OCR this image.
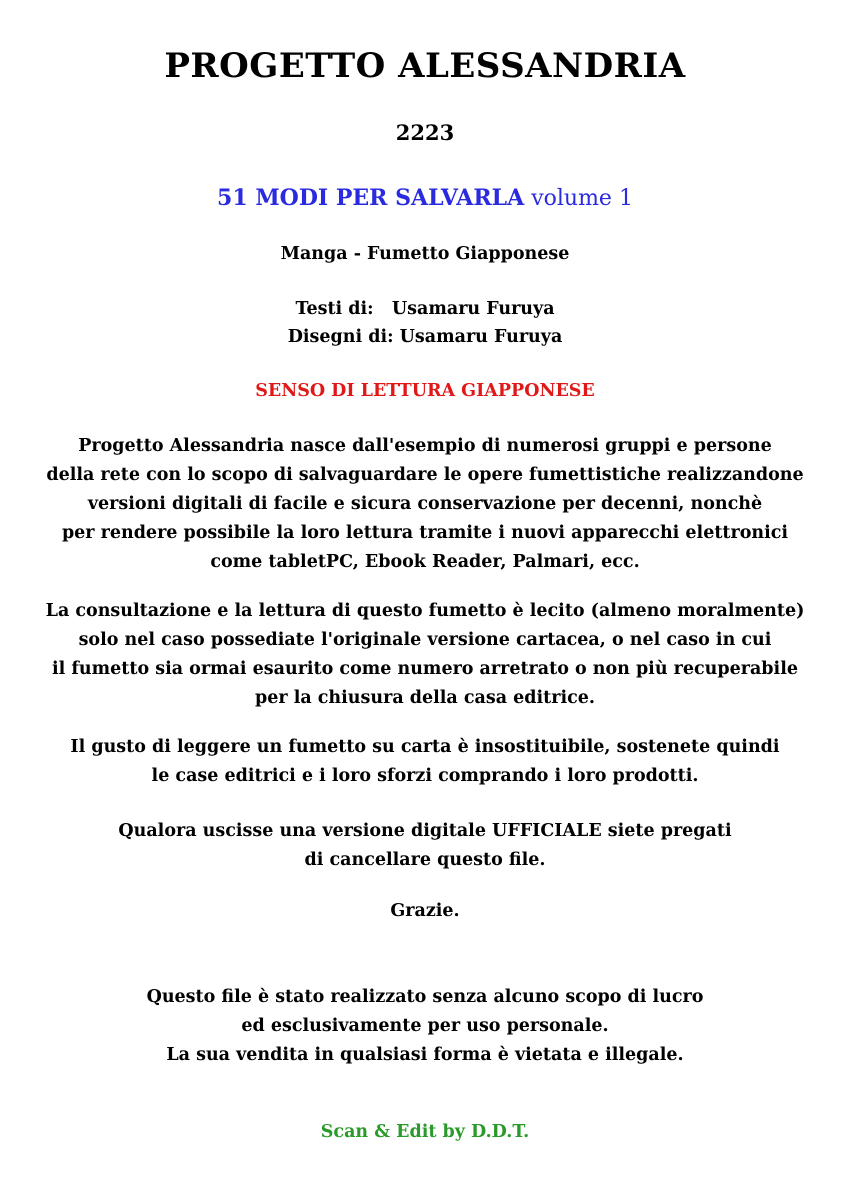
PROGETTO ALESSANDRIA
2223
51 MODI PER SALVARLA volume 1
Manga - Fumetto Giapponese
Testi di:   Usamaru Furuya
Disegni di: Usamaru Furuya
SENSO DI LETTURA GIAPPONESE
Progetto Alessandria nasce dall'esempio di numerosi gruppi e persone
della rete con lo scopo di salvaguardare le opere fumettistiche realizzandone
versioni digitali di facile e sicura conservazione per decenni, nonchè
per rendere possibile la loro lettura tramite i nuovi apparecchi elettronici
come tabletPC, Ebook Reader, Palmari, ecc.
La consultazione e la lettura di questo fumetto è lecito (almeno moralmente)
solo nel caso possediate l'originale versione cartacea, o nel caso in cui
il fumetto sia ormai esaurito come numero arretrato o non più recuperabile
per la chiusura della casa editrice.
Il gusto di leggere un fumetto su carta è insostituibile, sostenete quindi
le case editrici e i loro sforzi comprando i loro prodotti.
Qualora uscisse una versione digitale UFFICIALE siete pregati
di cancellare questo file.
Grazie.
Questo file è stato realizzato senza alcuno scopo di lucro
ed esclusivamente per uso personale.
La sua vendita in qualsiasi forma è vietata e illegale.
Scan & Edit by D.D.T.
